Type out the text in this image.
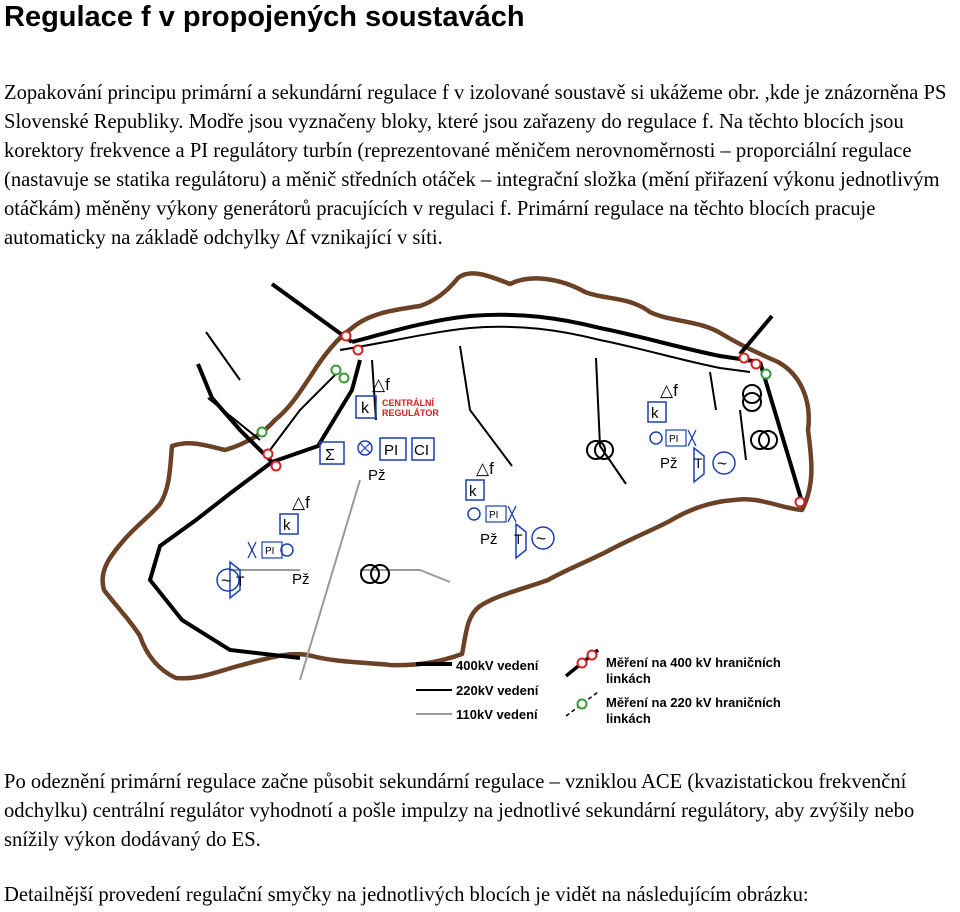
Regulace f v propojených soustavách

Zopakování principu primární a sekundární regulace f v izolované soustavě si ukážeme obr. ,kde je znázorněna PS Slovenské Republiky. Modře jsou vyznačeny bloky, které jsou zařazeny do regulace f. Na těchto blocích jsou korektory frekvence a PI regulátory turbín (reprezentované měničem nerovnoměrnosti – proporciální regulace (nastavuje se statika regulátoru) a měnič středních otáček – integrační složka (mění přiřazení výkonu jednotlivým otáčkám) měněny výkony generátorů pracujících v regulaci f. Primární regulace na těchto blocích pracuje automaticky na základě odchylky Δf vznikající v síti.

△f
k CENTRÁLNÍ
REGULÁTOR
Σ	PI CI
Pž
△f
k
PI
T
~	Pž
△f
k
PI
T ~
Pž
△f
k
PI
T ~
Pž
400kV vedení
220kV vedení
110kV vedení
Měření na 400 kV hraničních
linkách
Měření na 220 kV hraničních
linkách

Po odeznění primární regulace začne působit sekundární regulace – vzniklou ACE (kvazistatickou frekvenční odchylku) centrální regulátor vyhodnotí a pošle impulzy na jednotlivé sekundární regulátory, aby zvýšily nebo snížily výkon dodávaný do ES.

Detailnější provedení regulační smyčky na jednotlivých blocích je vidět na následujícím obrázku:
